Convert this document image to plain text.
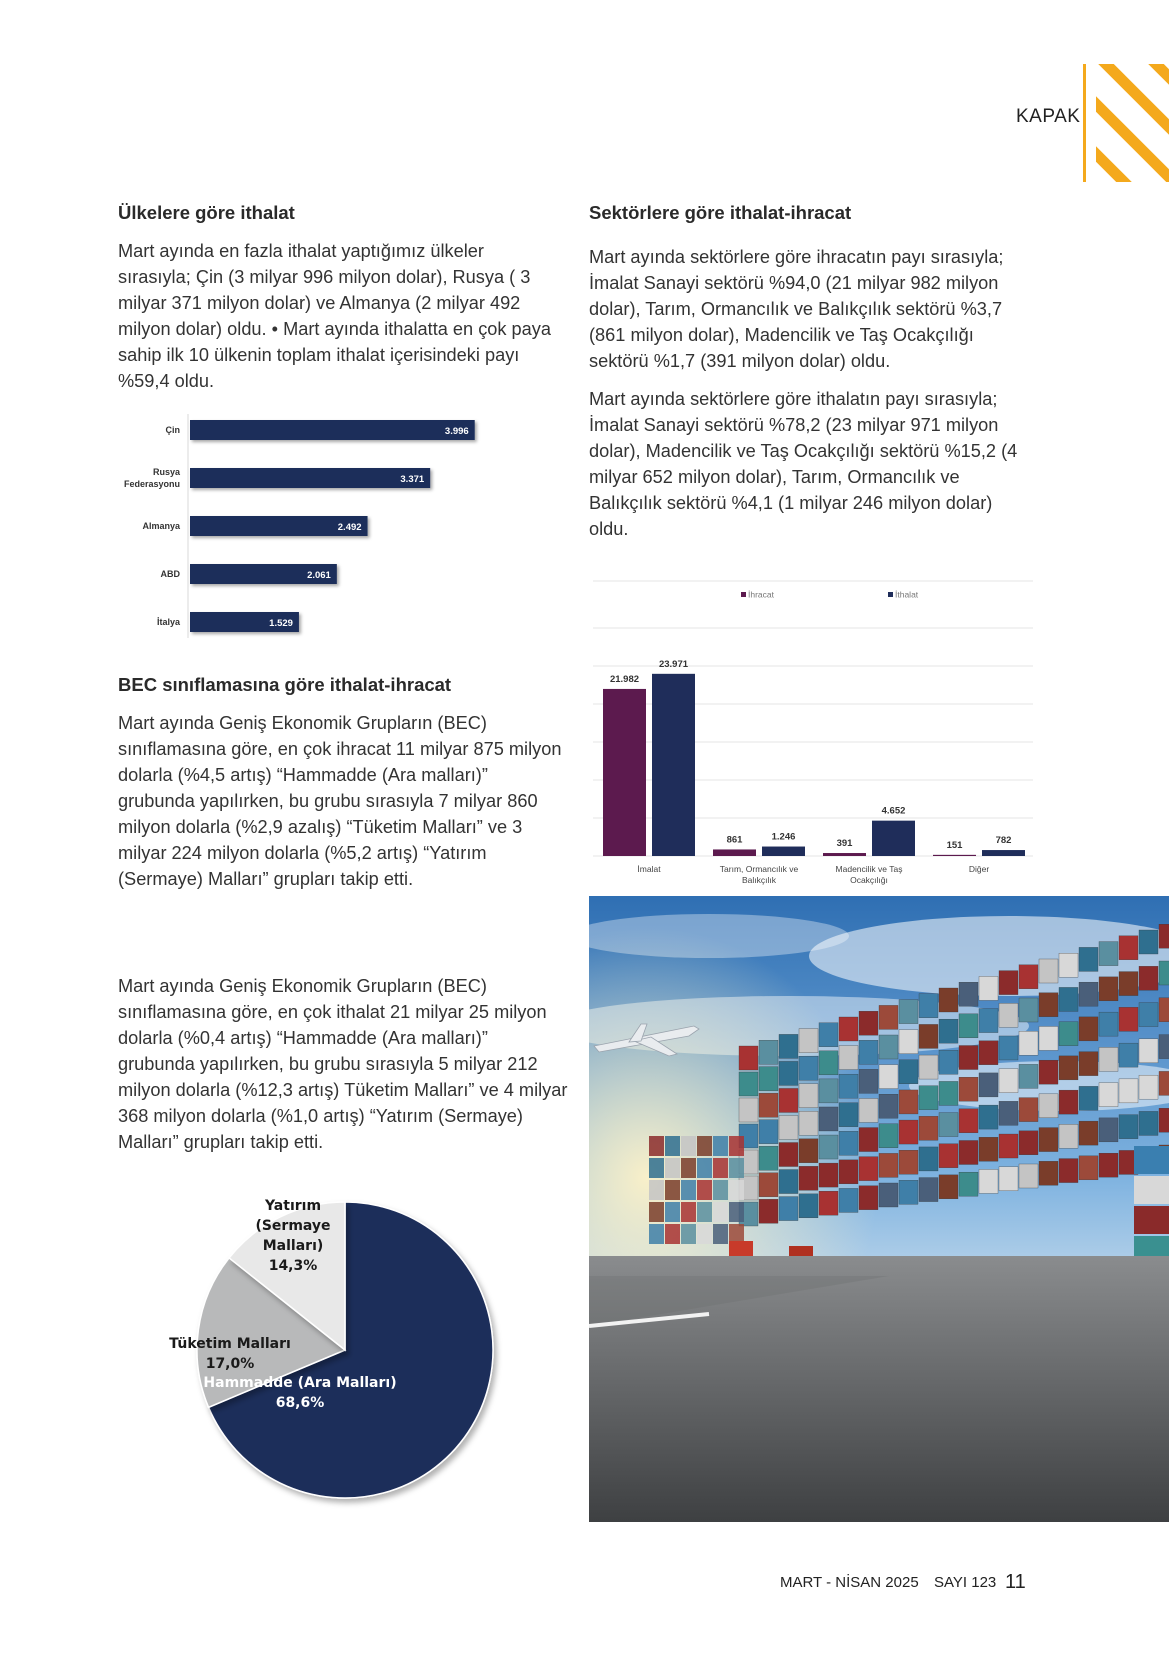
KAPAK
Ülkelere göre ithalat
Mart ayında en fazla ithalat yaptığımız ülkeler sırasıyla; Çin (3 milyar 996 milyon dolar), Rusya ( 3 milyar 371 milyon dolar) ve Almanya (2 milyar 492 milyon dolar) oldu. • Mart ayında ithalatta en çok paya sahip ilk 10 ülkenin toplam ithalat içerisindeki payı %59,4 oldu.
3.996
Çin
3.371
Rusya
Federasyonu
2.492
Almanya
2.061
ABD
1.529
İtalya
BEC sınıflamasına göre ithalat-ihracat
Mart ayında Geniş Ekonomik Grupların (BEC) sınıflamasına göre, en çok ihracat 11 milyar 875 milyon dolarla (%4,5 artış) “Hammadde (Ara malları)” grubunda yapılırken, bu grubu sırasıyla 7 milyar 860 milyon dolarla (%2,9 azalış) “Tüketim Malları” ve 3 milyar 224 milyon dolarla (%5,2 artış) “Yatırım (Sermaye) Malları” grupları takip etti.
Mart ayında Geniş Ekonomik Grupların (BEC) sınıflamasına göre, en çok ithalat 21 milyar 25 milyon dolarla (%0,4 artış) “Hammadde (Ara malları)” grubunda yapılırken, bu grubu sırasıyla 5 milyar 212 milyon dolarla (%12,3 artış) Tüketim Malları” ve 4 milyar 368 milyon dolarla (%1,0 artış) “Yatırım (Sermaye) Malları” grupları takip etti.
Hammadde (Ara Malları)
68,6%
Tüketim Malları
17,0%
Yatırım
(Sermaye
Malları)
14,3%
Sektörlere göre ithalat-ihracat
Mart ayında sektörlere göre ihracatın payı sırasıyla; İmalat Sanayi sektörü %94,0 (21 milyar 982 milyon dolar), Tarım, Ormancılık ve Balıkçılık sektörü %3,7 (861 milyon dolar), Madencilik ve Taş Ocakçılığı sektörü %1,7 (391 milyon dolar) oldu.
Mart ayında sektörlere göre ithalatın payı sırasıyla; İmalat Sanayi sektörü %78,2 (23 milyar 971 milyon dolar), Madencilik ve Taş Ocakçılığı sektörü %15,2 (4 milyar 652 milyon dolar), Tarım, Ormancılık ve Balıkçılık sektörü %4,1 (1 milyar 246 milyon dolar) oldu.
İhracat	İthalat
21.982
23.971
İmalat
861	1.246
Tarım, Ormancılık ve
Balıkçılık
391
4.652
Madencilik ve Taş
Ocakçılığı
151	782
Diğer
MART - NİSAN 2025 SAYI 123 11
